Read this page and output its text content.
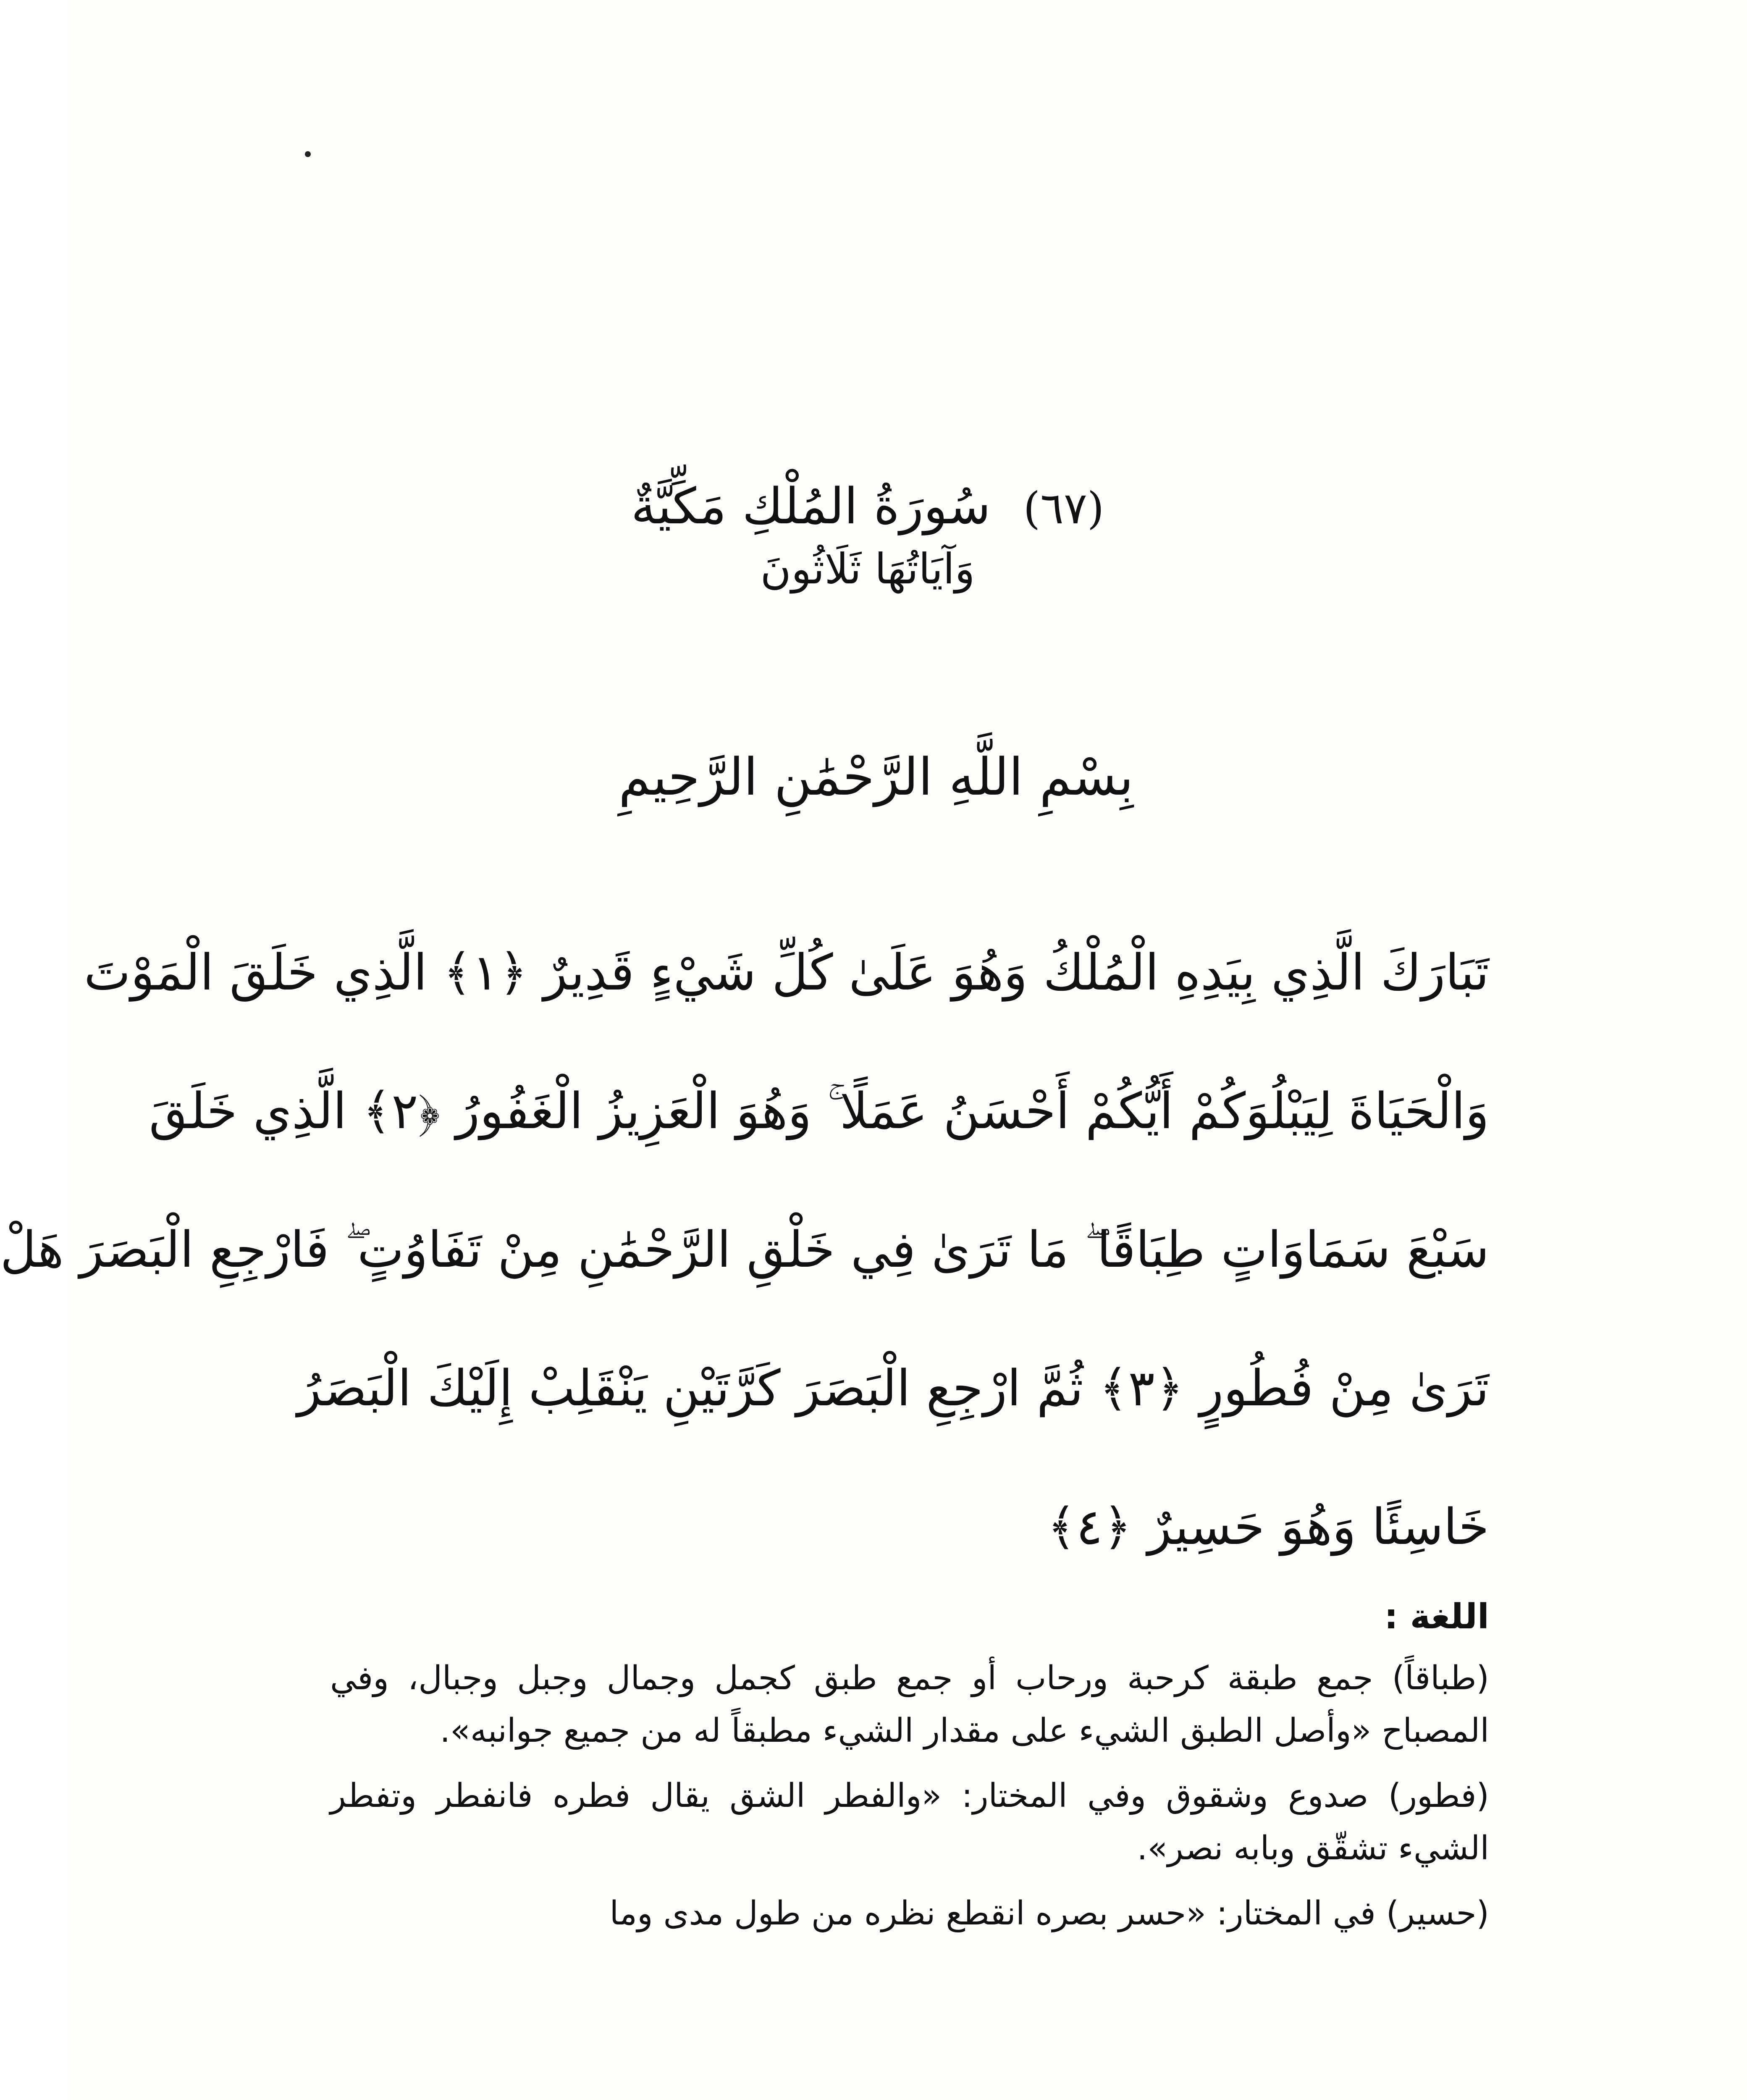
(٦٧) سُورَةُ المُلْكِ مَكِّيَّةٌ
وَآيَاتُهَا ثَلَاثُونَ
بِسْمِ اللَّهِ الرَّحْمَٰنِ الرَّحِيمِ
تَبَارَكَ الَّذِي بِيَدِهِ الْمُلْكُ وَهُوَ عَلَىٰ كُلِّ شَيْءٍ قَدِيرٌ ﴿١﴾ الَّذِي خَلَقَ الْمَوْتَ
وَالْحَيَاةَ لِيَبْلُوَكُمْ أَيُّكُمْ أَحْسَنُ عَمَلًا ۚ وَهُوَ الْعَزِيزُ الْغَفُورُ ﴿٢﴾ الَّذِي خَلَقَ
سَبْعَ سَمَاوَاتٍ طِبَاقًا ۖ مَا تَرَىٰ فِي خَلْقِ الرَّحْمَٰنِ مِنْ تَفَاوُتٍ ۖ فَارْجِعِ الْبَصَرَ هَلْ
تَرَىٰ مِنْ فُطُورٍ ﴿٣﴾ ثُمَّ ارْجِعِ الْبَصَرَ كَرَّتَيْنِ يَنْقَلِبْ إِلَيْكَ الْبَصَرُ
خَاسِئًا وَهُوَ حَسِيرٌ ﴿٤﴾
اللغة :
(طباقاً) جمع طبقة كرحبة ورحاب أو جمع طبق كجمل وجمال وجبل وجبال، وفي المصباح «وأصل الطبق الشيء على مقدار الشيء مطبقاً له من جميع جوانبه».
(فطور) صدوع وشقوق وفي المختار: «والفطر الشق يقال فطره فانفطر وتفطر الشيء تشقّق وبابه نصر».
(حسير) في المختار: «حسر بصره انقطع نظره من طول مدى وما
